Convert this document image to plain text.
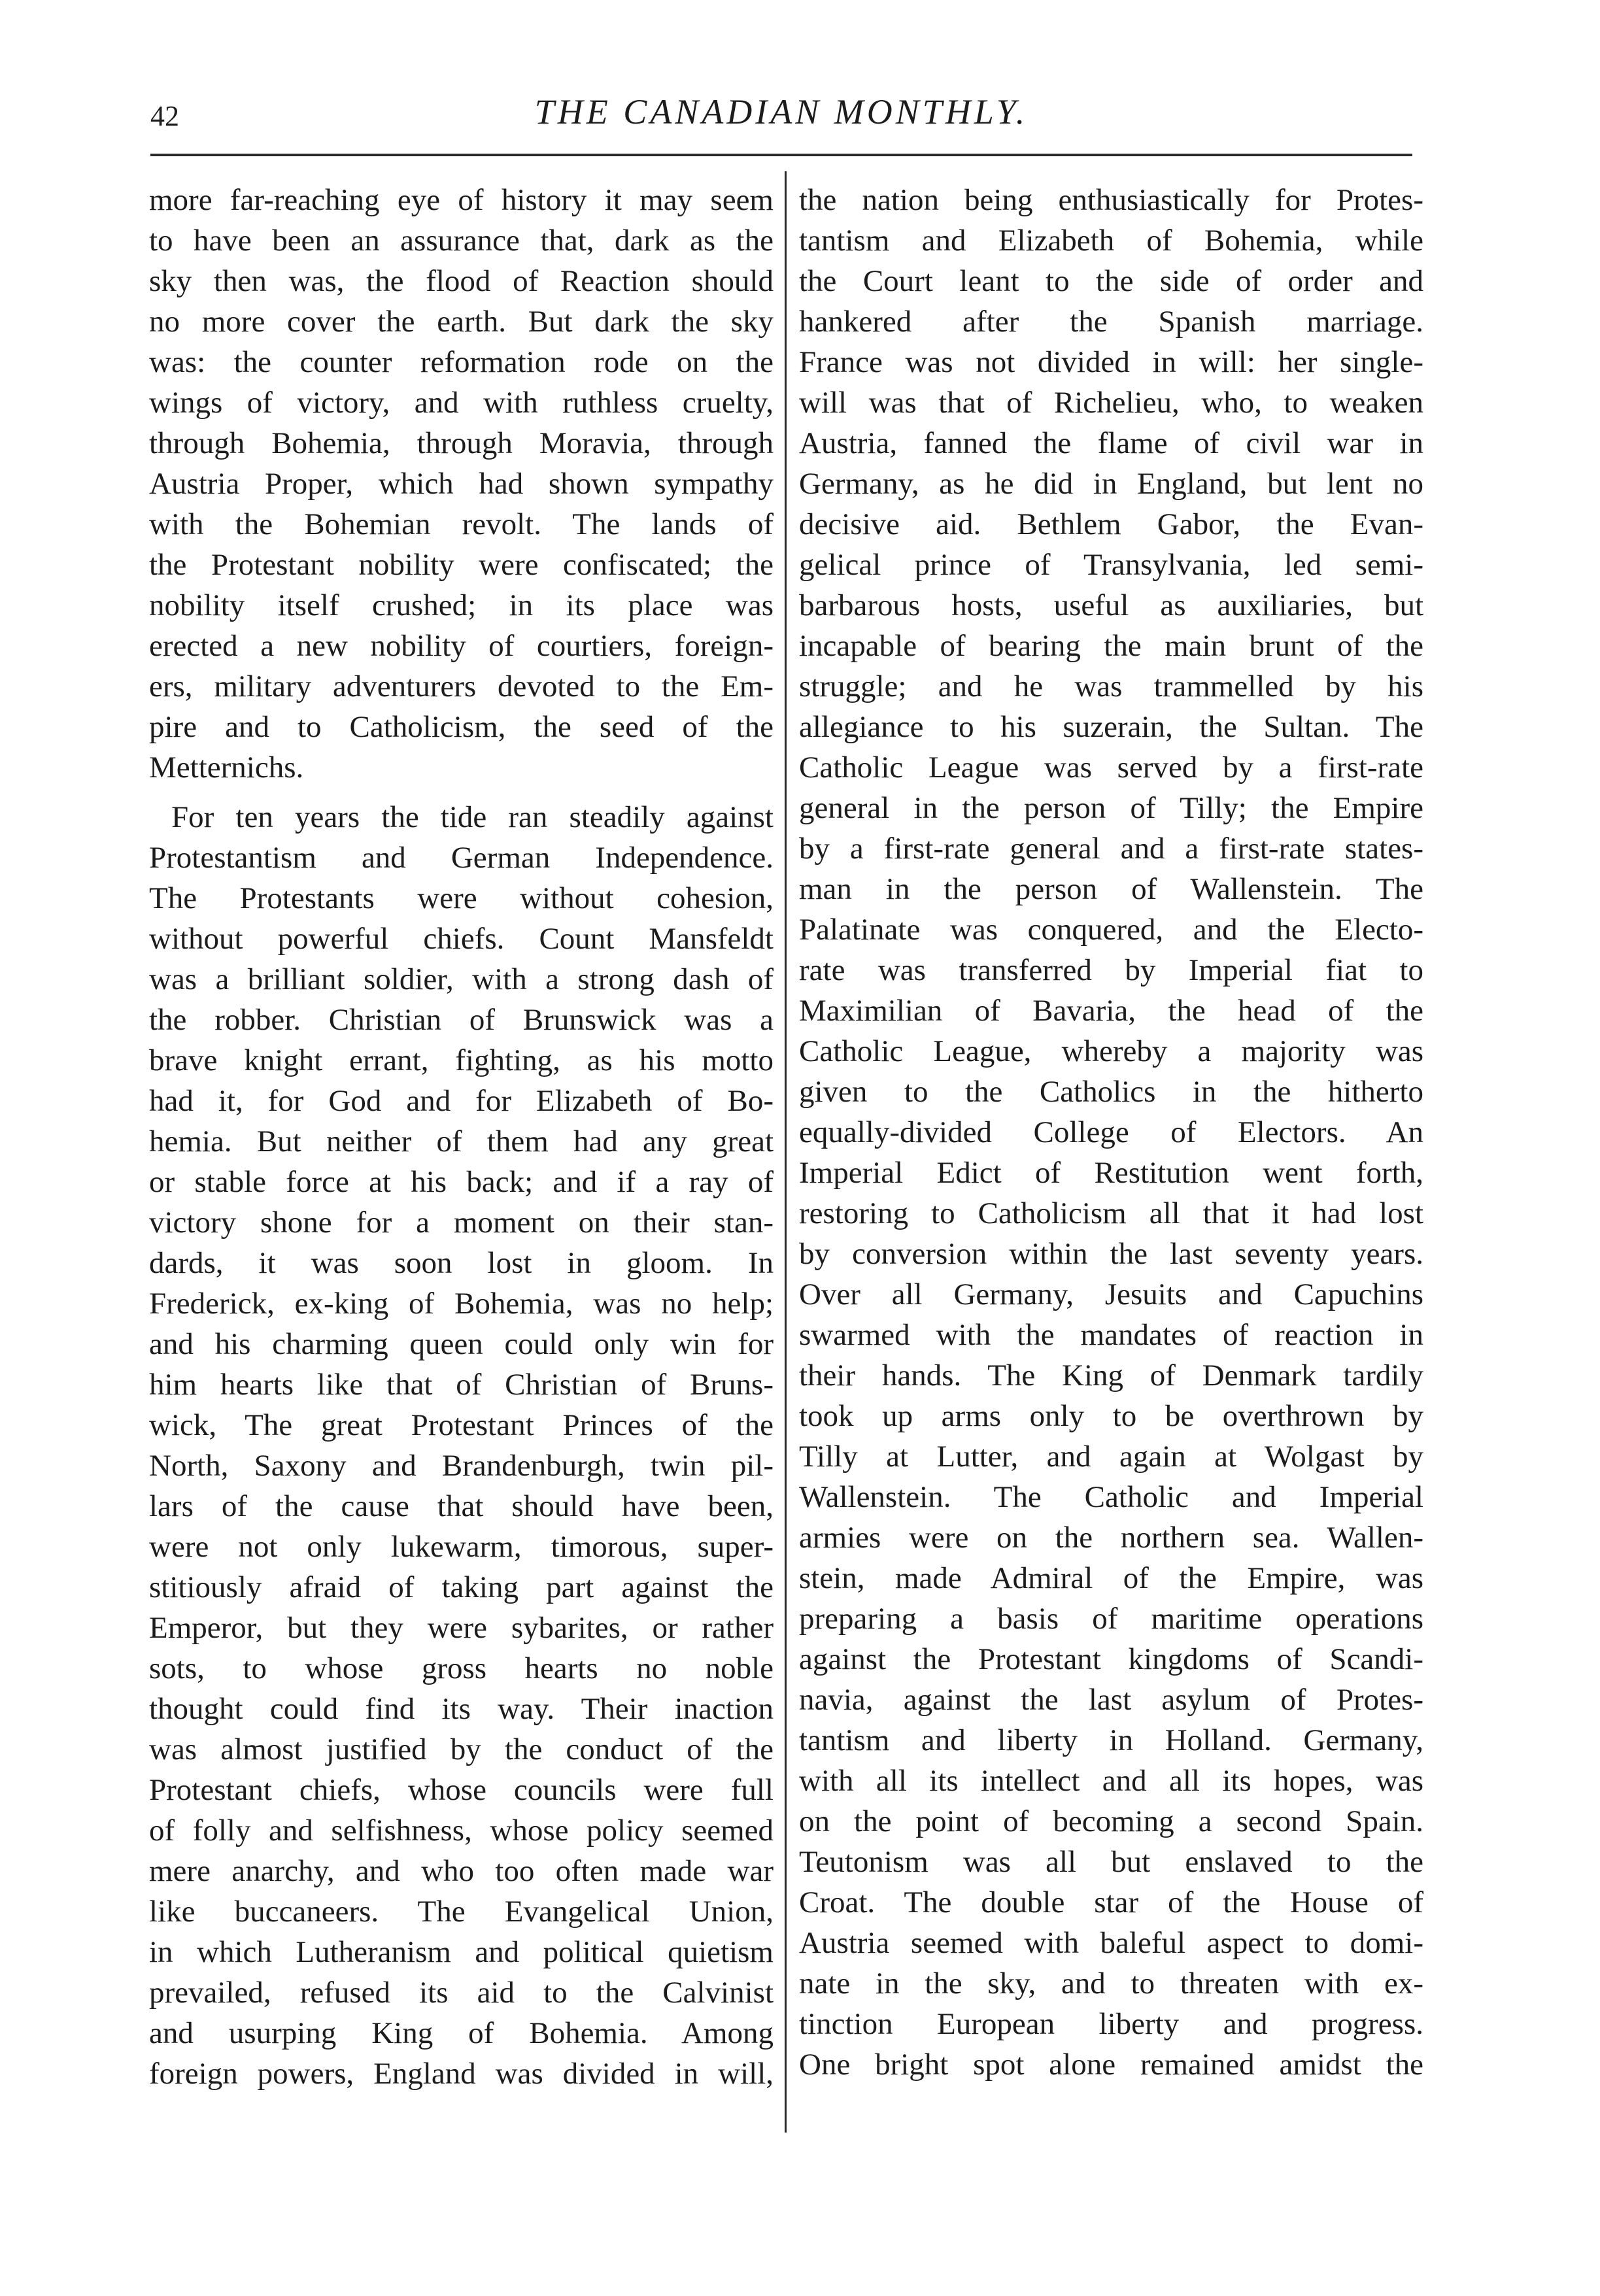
42	THE CANADIAN MONTHLY.
more far-reaching eye of history it may seem
to have been an assurance that, dark as the
sky then was, the flood of Reaction should
no more cover the earth. But dark the sky
was: the counter reformation rode on the
wings of victory, and with ruthless cruelty,
through Bohemia, through Moravia, through
Austria Proper, which had shown sympathy
with the Bohemian revolt. The lands of
the Protestant nobility were confiscated; the
nobility itself crushed; in its place was
erected a new nobility of courtiers, foreign-
ers, military adventurers devoted to the Em-
pire and to Catholicism, the seed of the
Metternichs.
For ten years the tide ran steadily against
Protestantism and German Independence.
The Protestants were without cohesion,
without powerful chiefs. Count Mansfeldt
was a brilliant soldier, with a strong dash of
the robber. Christian of Brunswick was a
brave knight errant, fighting, as his motto
had it, for God and for Elizabeth of Bo-
hemia. But neither of them had any great
or stable force at his back; and if a ray of
victory shone for a moment on their stan-
dards, it was soon lost in gloom. In
Frederick, ex-king of Bohemia, was no help;
and his charming queen could only win for
him hearts like that of Christian of Bruns-
wick, The great Protestant Princes of the
North, Saxony and Brandenburgh, twin pil-
lars of the cause that should have been,
were not only lukewarm, timorous, super-
stitiously afraid of taking part against the
Emperor, but they were sybarites, or rather
sots, to whose gross hearts no noble
thought could find its way. Their inaction
was almost justified by the conduct of the
Protestant chiefs, whose councils were full
of folly and selfishness, whose policy seemed
mere anarchy, and who too often made war
like buccaneers. The Evangelical Union,
in which Lutheranism and political quietism
prevailed, refused its aid to the Calvinist
and usurping King of Bohemia. Among
foreign powers, England was divided in will,
the nation being enthusiastically for Protes-
tantism and Elizabeth of Bohemia, while
the Court leant to the side of order and
hankered after the Spanish marriage.
France was not divided in will: her single-
will was that of Richelieu, who, to weaken
Austria, fanned the flame of civil war in
Germany, as he did in England, but lent no
decisive aid. Bethlem Gabor, the Evan-
gelical prince of Transylvania, led semi-
barbarous hosts, useful as auxiliaries, but
incapable of bearing the main brunt of the
struggle; and he was trammelled by his
allegiance to his suzerain, the Sultan. The
Catholic League was served by a first-rate
general in the person of Tilly; the Empire
by a first-rate general and a first-rate states-
man in the person of Wallenstein. The
Palatinate was conquered, and the Electo-
rate was transferred by Imperial fiat to
Maximilian of Bavaria, the head of the
Catholic League, whereby a majority was
given to the Catholics in the hitherto
equally-divided College of Electors. An
Imperial Edict of Restitution went forth,
restoring to Catholicism all that it had lost
by conversion within the last seventy years.
Over all Germany, Jesuits and Capuchins
swarmed with the mandates of reaction in
their hands. The King of Denmark tardily
took up arms only to be overthrown by
Tilly at Lutter, and again at Wolgast by
Wallenstein. The Catholic and Imperial
armies were on the northern sea. Wallen-
stein, made Admiral of the Empire, was
preparing a basis of maritime operations
against the Protestant kingdoms of Scandi-
navia, against the last asylum of Protes-
tantism and liberty in Holland. Germany,
with all its intellect and all its hopes, was
on the point of becoming a second Spain.
Teutonism was all but enslaved to the
Croat. The double star of the House of
Austria seemed with baleful aspect to domi-
nate in the sky, and to threaten with ex-
tinction European liberty and progress.
One bright spot alone remained amidst the
